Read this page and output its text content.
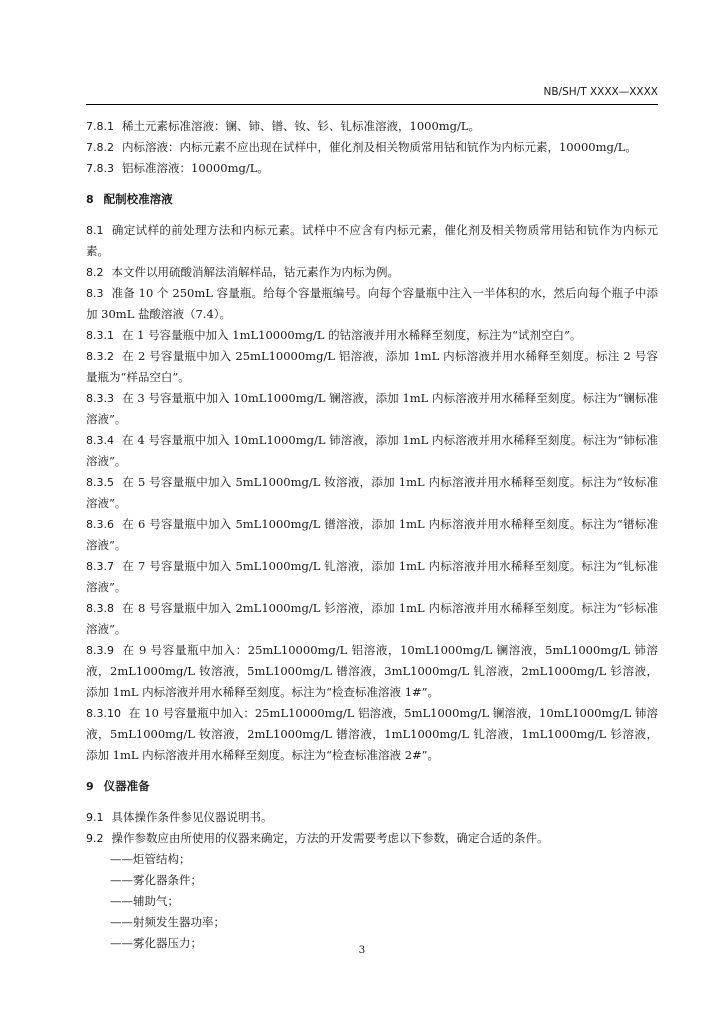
NB/SH/T XXXX—XXXX
7.8.1 稀土元素标准溶液：镧、铈、镨、钕、钐、钆标准溶液，1000mg/L。
7.8.2 内标溶液：内标元素不应出现在试样中，催化剂及相关物质常用钴和钪作为内标元素，10000mg/L。
7.8.3 铝标准溶液：10000mg/L。
8 配制校准溶液
8.1 确定试样的前处理方法和内标元素。试样中不应含有内标元素，催化剂及相关物质常用钴和钪作为内标元素。
8.2 本文件以用硫酸消解法消解样品，钴元素作为内标为例。
8.3 准备 10 个 250mL 容量瓶。给每个容量瓶编号。向每个容量瓶中注入一半体积的水，然后向每个瓶子中添加 30mL 盐酸溶液（7.4）。
8.3.1 在 1 号容量瓶中加入 1mL10000mg/L 的钴溶液并用水稀释至刻度，标注为“试剂空白”。
8.3.2 在 2 号容量瓶中加入 25mL10000mg/L 铝溶液，添加 1mL 内标溶液并用水稀释至刻度。标注 2 号容量瓶为“样品空白”。
8.3.3 在 3 号容量瓶中加入 10mL1000mg/L 镧溶液，添加 1mL 内标溶液并用水稀释至刻度。标注为“镧标准溶液”。
8.3.4 在 4 号容量瓶中加入 10mL1000mg/L 铈溶液，添加 1mL 内标溶液并用水稀释至刻度。标注为“铈标准溶液”。
8.3.5 在 5 号容量瓶中加入 5mL1000mg/L 钕溶液，添加 1mL 内标溶液并用水稀释至刻度。标注为“钕标准溶液”。
8.3.6 在 6 号容量瓶中加入 5mL1000mg/L 镨溶液，添加 1mL 内标溶液并用水稀释至刻度。标注为“镨标准溶液”。
8.3.7 在 7 号容量瓶中加入 5mL1000mg/L 钆溶液，添加 1mL 内标溶液并用水稀释至刻度。标注为“钆标准溶液”。
8.3.8 在 8 号容量瓶中加入 2mL1000mg/L 钐溶液，添加 1mL 内标溶液并用水稀释至刻度。标注为“钐标准溶液”。
8.3.9 在 9 号容量瓶中加入：25mL10000mg/L 铝溶液，10mL1000mg/L 镧溶液，5mL1000mg/L 铈溶液，2mL1000mg/L 钕溶液，5mL1000mg/L 镨溶液，3mL1000mg/L 钆溶液，2mL1000mg/L 钐溶液，添加 1mL 内标溶液并用水稀释至刻度。标注为“检查标准溶液 1#”。
8.3.10 在 10 号容量瓶中加入：25mL10000mg/L 铝溶液，5mL1000mg/L 镧溶液，10mL1000mg/L 铈溶液，5mL1000mg/L 钕溶液，2mL1000mg/L 镨溶液，1mL1000mg/L 钆溶液，1mL1000mg/L 钐溶液，添加 1mL 内标溶液并用水稀释至刻度。标注为“检查标准溶液 2#”。
9 仪器准备
9.1 具体操作条件参见仪器说明书。
9.2 操作参数应由所使用的仪器来确定，方法的开发需要考虑以下参数，确定合适的条件。
——炬管结构；
——雾化器条件；
——辅助气；
——射频发生器功率；
——雾化器压力；	3
